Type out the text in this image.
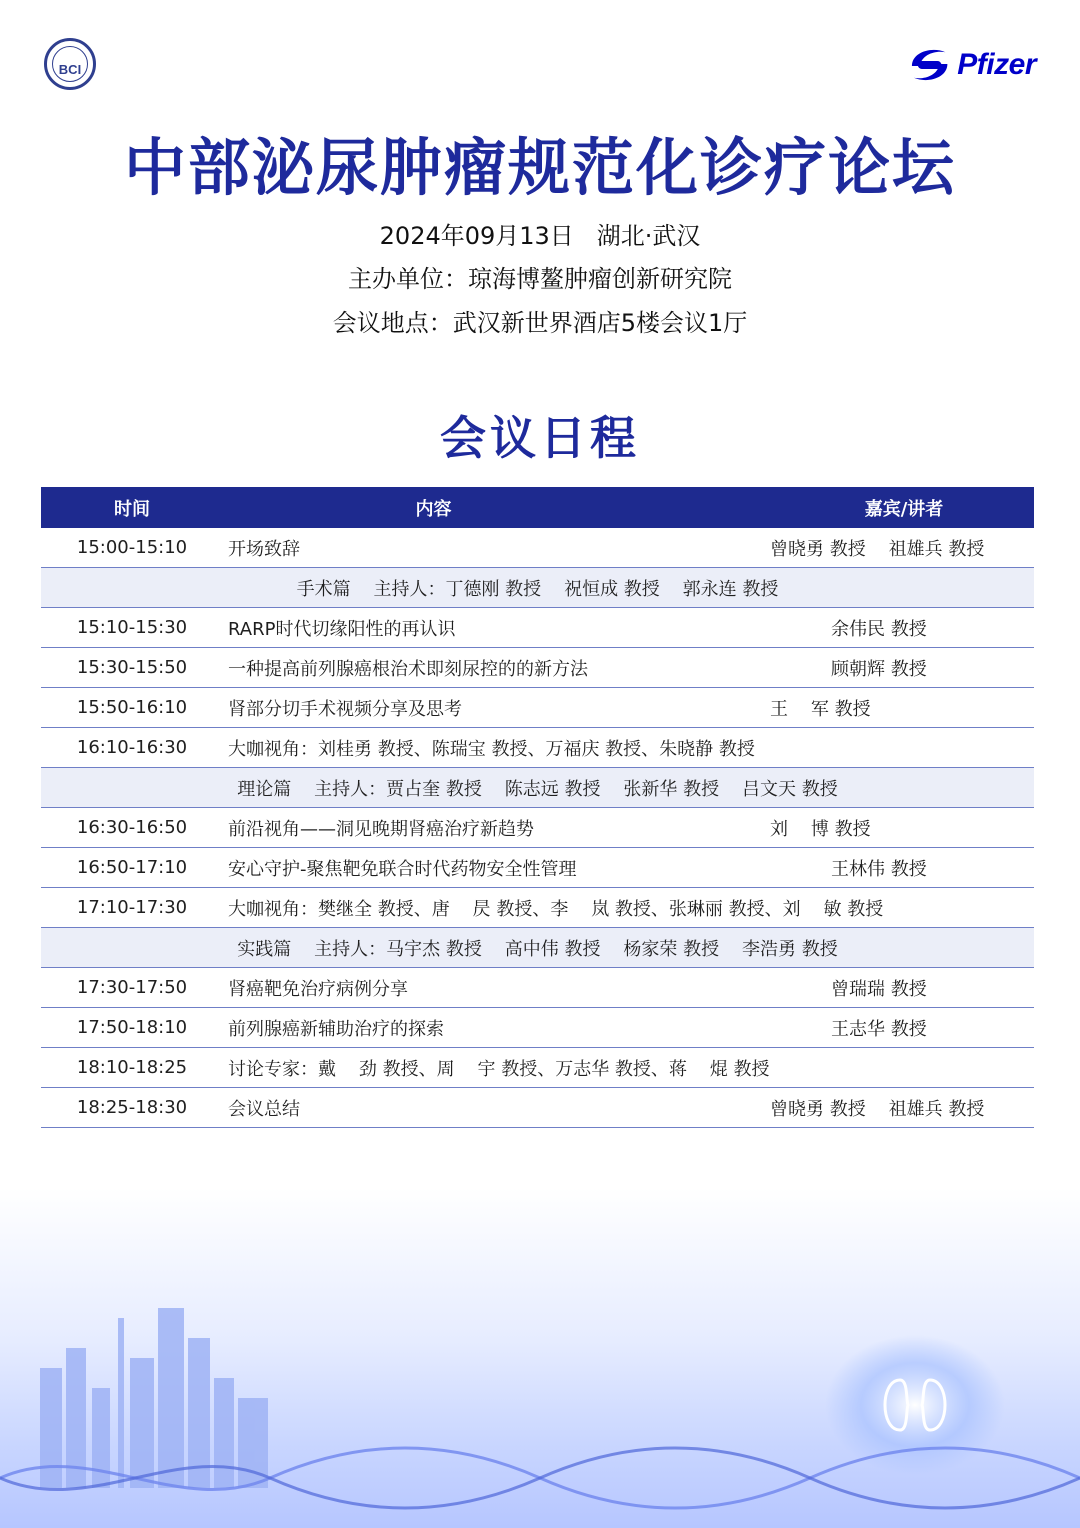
BCI	Pfizer
中部泌尿肿瘤规范化诊疗论坛
2024年09月13日   湖北·武汉
主办单位：琼海博鳌肿瘤创新研究院
会议地点：武汉新世界酒店5楼会议1厅
会议日程
时间	内容	嘉宾/讲者
15:00-15:10	开场致辞	曾晓勇 教授    祖雄兵 教授
手术篇    主持人：丁德刚 教授    祝恒成 教授    郭永连 教授
15:10-15:30	RARP时代切缘阳性的再认识	余伟民 教授
15:30-15:50	一种提高前列腺癌根治术即刻尿控的的新方法	顾朝辉 教授
15:50-16:10	肾部分切手术视频分享及思考	王    军 教授
16:10-16:30	大咖视角：刘桂勇 教授、陈瑞宝 教授、万福庆 教授、朱晓静 教授
理论篇    主持人：贾占奎 教授    陈志远 教授    张新华 教授    吕文天 教授
16:30-16:50	前沿视角——洞见晚期肾癌治疗新趋势	刘    博 教授
16:50-17:10	安心守护-聚焦靶免联合时代药物安全性管理	王林伟 教授
17:10-17:30	大咖视角：樊继全 教授、唐    昃 教授、李    岚 教授、张琳丽 教授、刘    敏 教授
实践篇    主持人：马宇杰 教授    高中伟 教授    杨家荣 教授    李浩勇 教授
17:30-17:50	肾癌靶免治疗病例分享	曾瑞瑞 教授
17:50-18:10	前列腺癌新辅助治疗的探索	王志华 教授
18:10-18:25	讨论专家：戴    劲 教授、周    宇 教授、万志华 教授、蒋    焜 教授
18:25-18:30	会议总结	曾晓勇 教授    祖雄兵 教授
